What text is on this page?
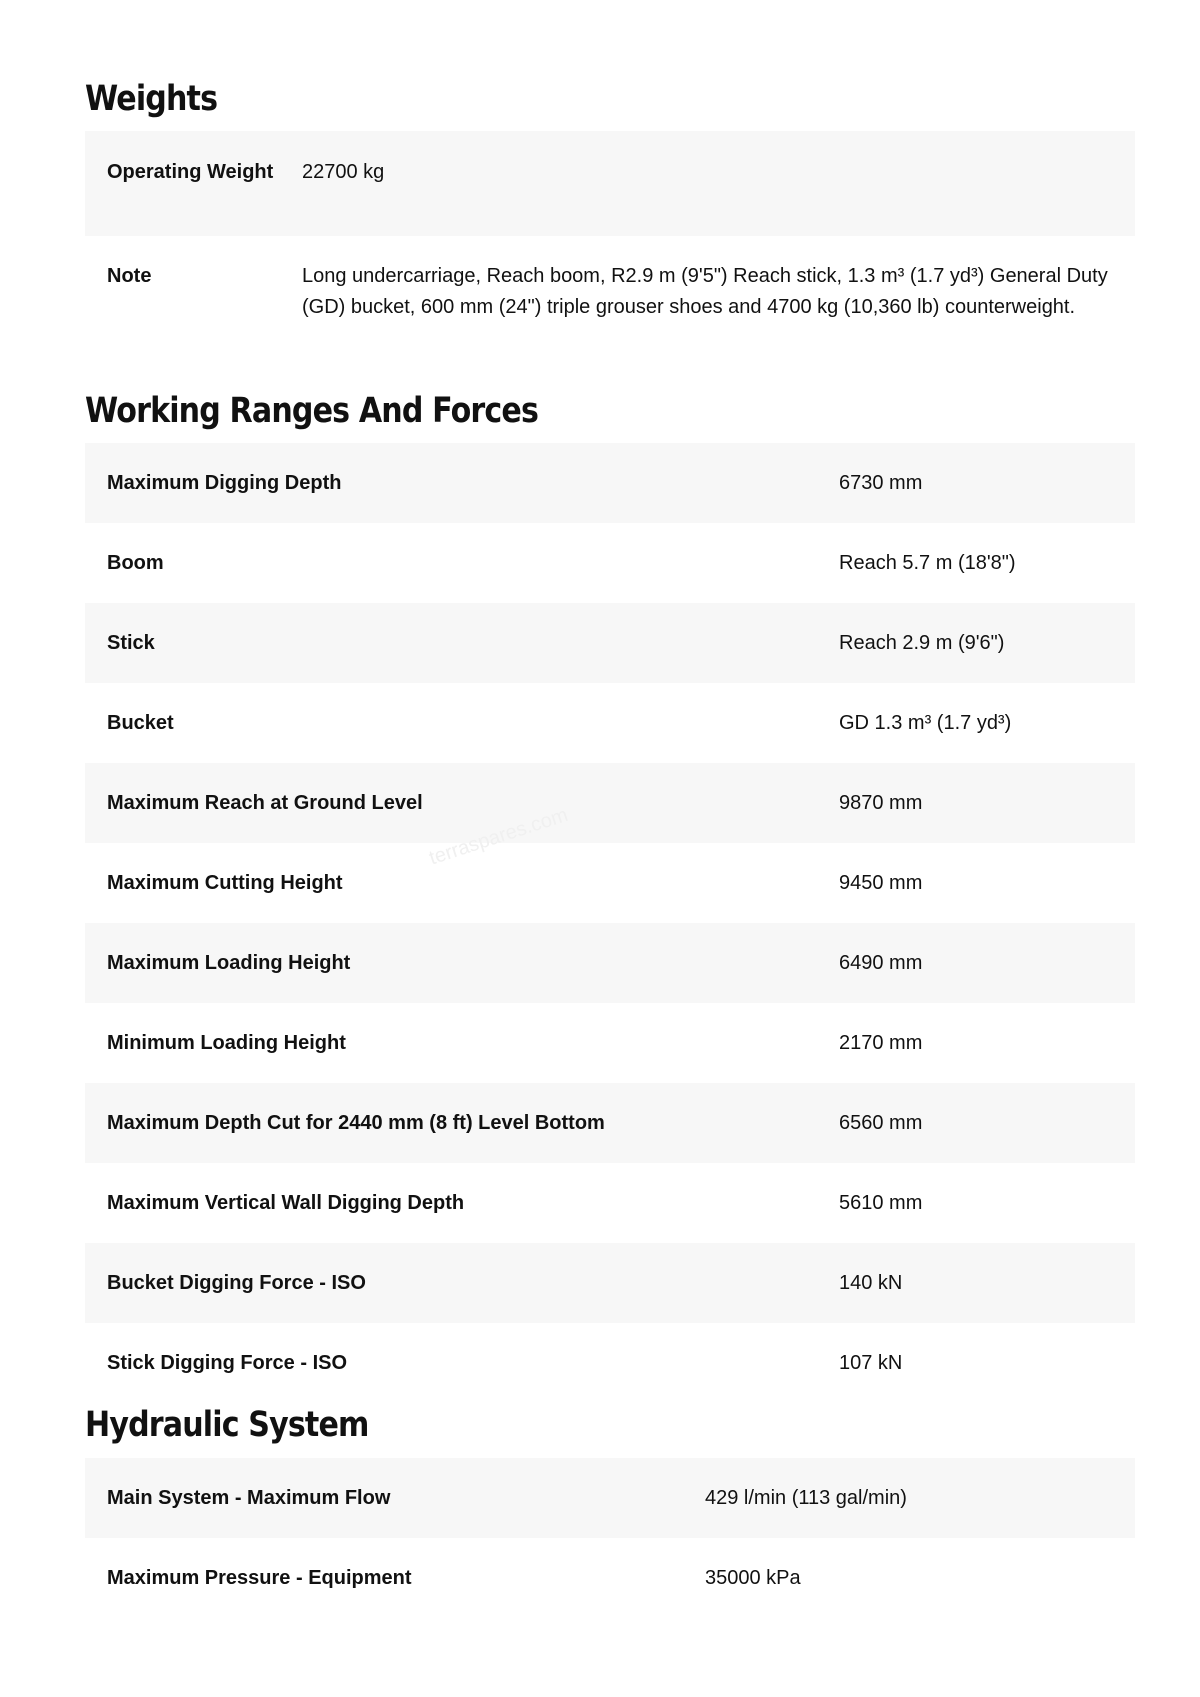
Weights
Operating Weight	22700 kg
Note	Long undercarriage, Reach boom, R2.9 m (9'5") Reach stick, 1.3 m³ (1.7 yd³) General Duty (GD) bucket, 600 mm (24") triple grouser shoes and 4700 kg (10,360 lb) counterweight.
Working Ranges And Forces
Maximum Digging Depth	6730 mm
Boom	Reach 5.7 m (18'8")
Stick	Reach 2.9 m (9'6")
Bucket	GD 1.3 m³ (1.7 yd³)
Maximum Reach at Ground Level	9870 mm
Maximum Cutting Height	9450 mm
Maximum Loading Height	6490 mm
Minimum Loading Height	2170 mm
Maximum Depth Cut for 2440 mm (8 ft) Level Bottom	6560 mm
Maximum Vertical Wall Digging Depth	5610 mm
Bucket Digging Force - ISO	140 kN
Stick Digging Force - ISO	107 kN
Hydraulic System
Main System - Maximum Flow	429 l/min (113 gal/min)
Maximum Pressure - Equipment	35000 kPa
terraspares.com
